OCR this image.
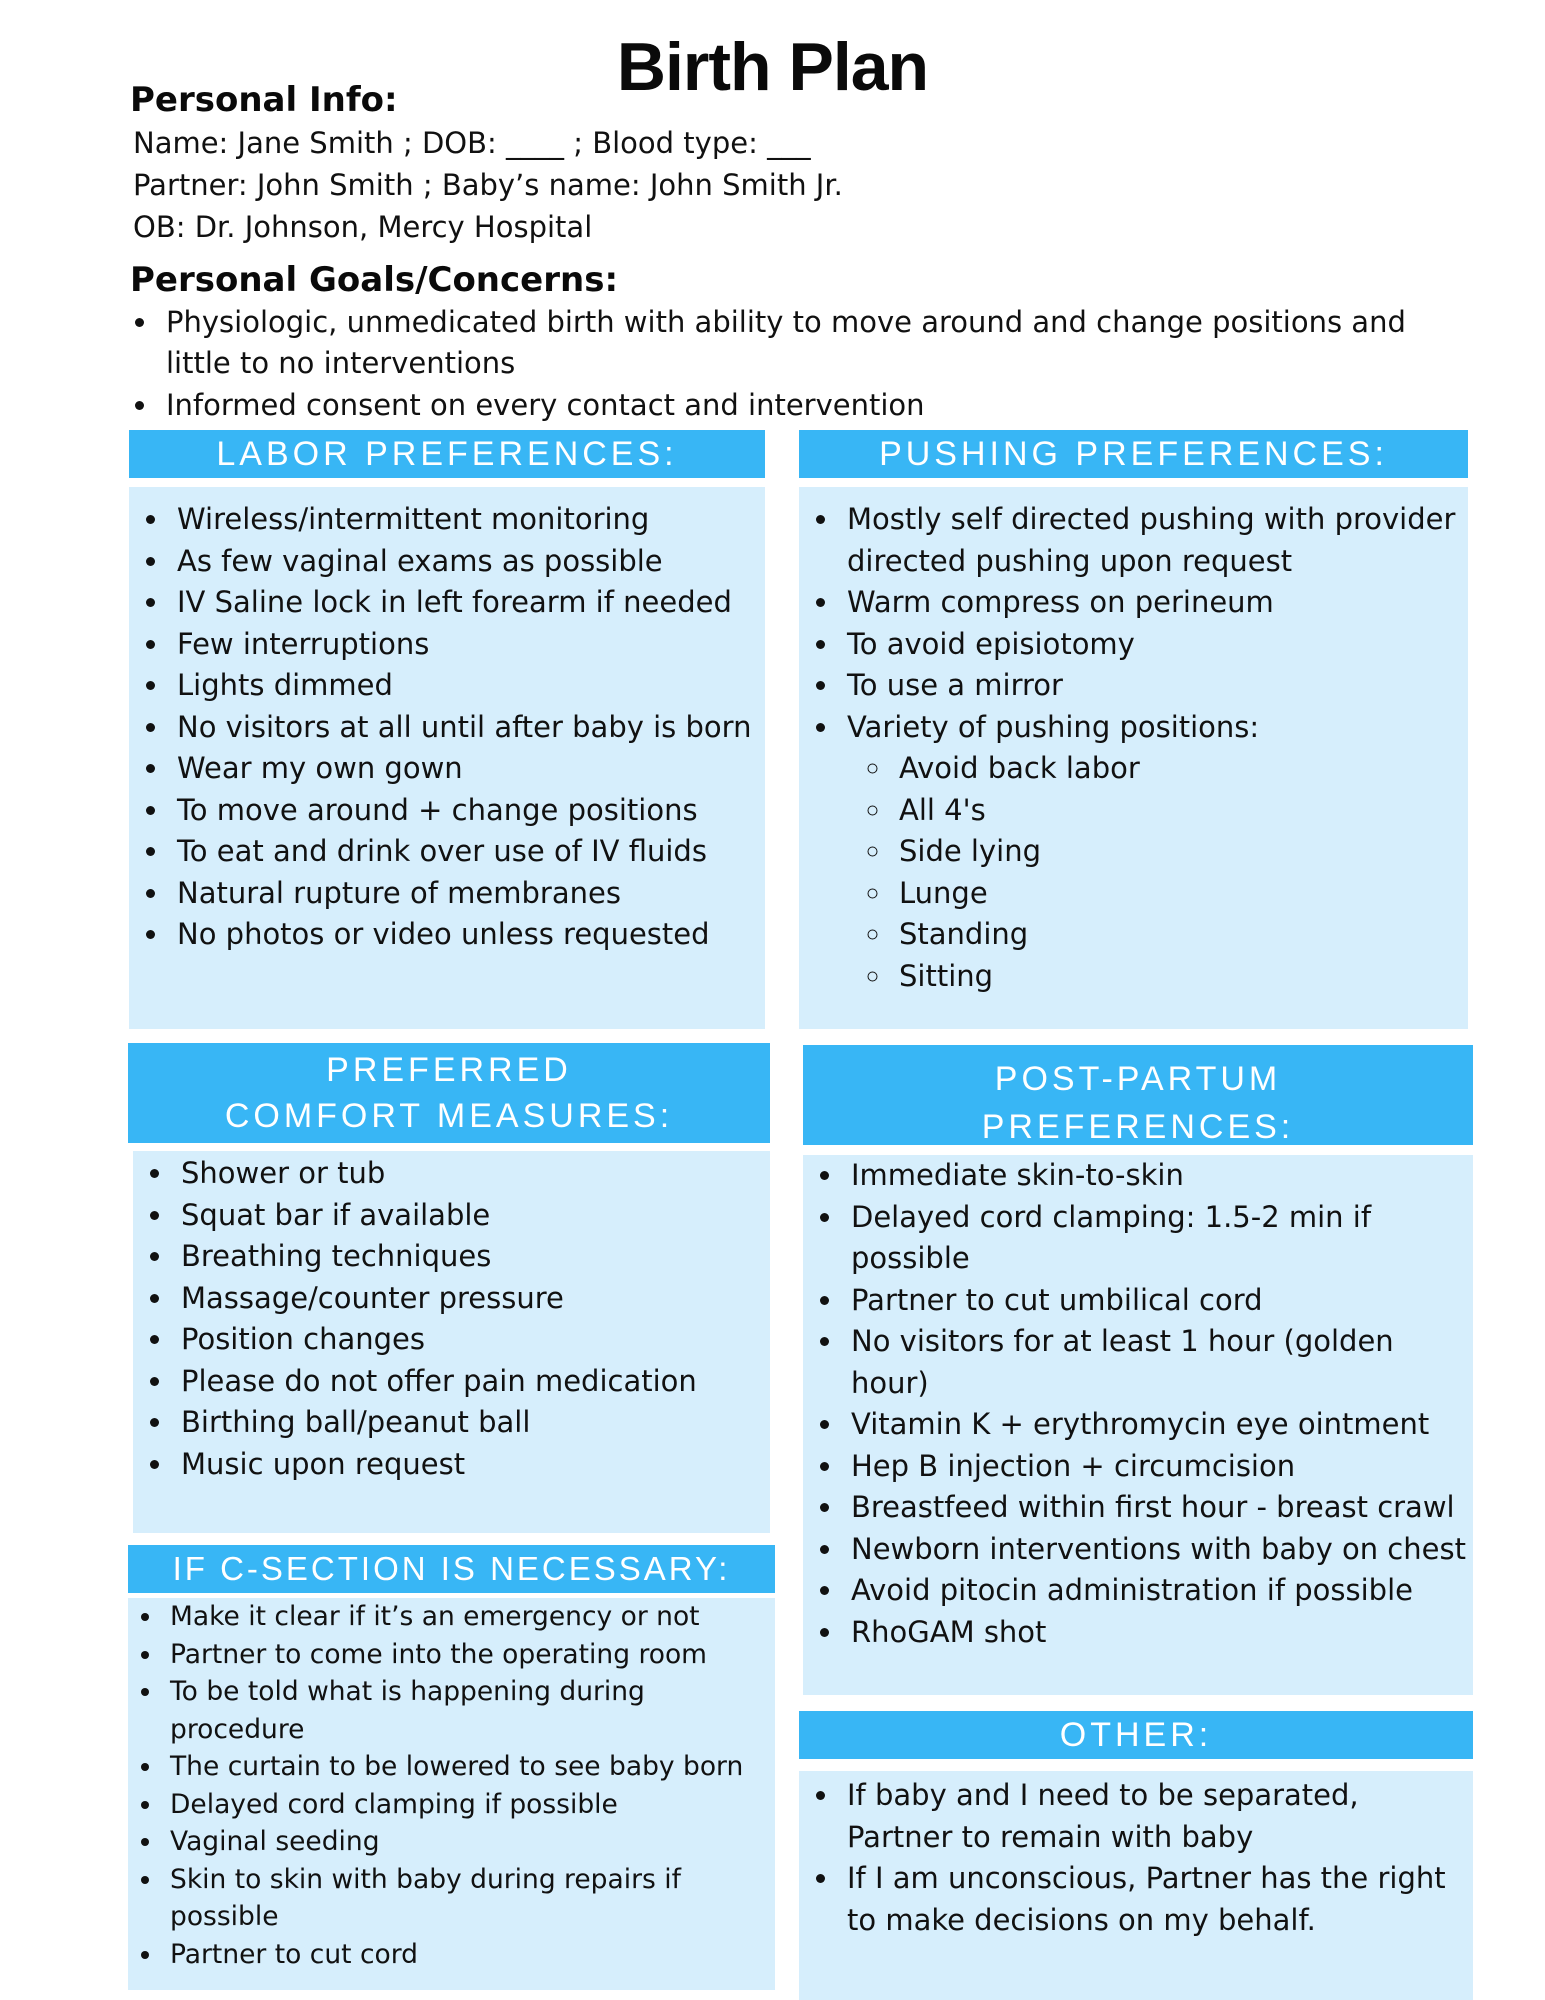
Birth Plan
Personal Info:
Name: Jane Smith ; DOB: ____ ; Blood type: ___
Partner: John Smith ; Baby’s name: John Smith Jr.
OB: Dr. Johnson, Mercy Hospital
Personal Goals/Concerns:
• Physiologic, unmedicated birth with ability to move around and change positions and little to no interventions
• Informed consent on every contact and intervention
LABOR PREFERENCES:
• Wireless/intermittent monitoring
• As few vaginal exams as possible
• IV Saline lock in left forearm if needed
• Few interruptions
• Lights dimmed
• No visitors at all until after baby is born
• Wear my own gown
• To move around + change positions
• To eat and drink over use of IV fluids
• Natural rupture of membranes
• No photos or video unless requested
PUSHING PREFERENCES:
• Mostly self directed pushing with provider directed pushing upon request
• Warm compress on perineum
• To avoid episiotomy
• To use a mirror
• Variety of pushing positions:
◦ Avoid back labor
◦ All 4's
◦ Side lying
◦ Lunge
◦ Standing
◦ Sitting
PREFERRED
COMFORT MEASURES:
• Shower or tub
• Squat bar if available
• Breathing techniques
• Massage/counter pressure
• Position changes
• Please do not offer pain medication
• Birthing ball/peanut ball
• Music upon request
POST-PARTUM
PREFERENCES:
• Immediate skin-to-skin
• Delayed cord clamping: 1.5-2 min if possible
• Partner to cut umbilical cord
• No visitors for at least 1 hour (golden hour)
• Vitamin K + erythromycin eye ointment
• Hep B injection + circumcision
• Breastfeed within first hour - breast crawl
• Newborn interventions with baby on chest
• Avoid pitocin administration if possible
• RhoGAM shot
IF C-SECTION IS NECESSARY:
• Make it clear if it’s an emergency or not
• Partner to come into the operating room
• To be told what is happening during procedure
• The curtain to be lowered to see baby born
• Delayed cord clamping if possible
• Vaginal seeding
• Skin to skin with baby during repairs if possible
• Partner to cut cord
OTHER:
• If baby and I need to be separated, Partner to remain with baby
• If I am unconscious, Partner has the right to make decisions on my behalf.
